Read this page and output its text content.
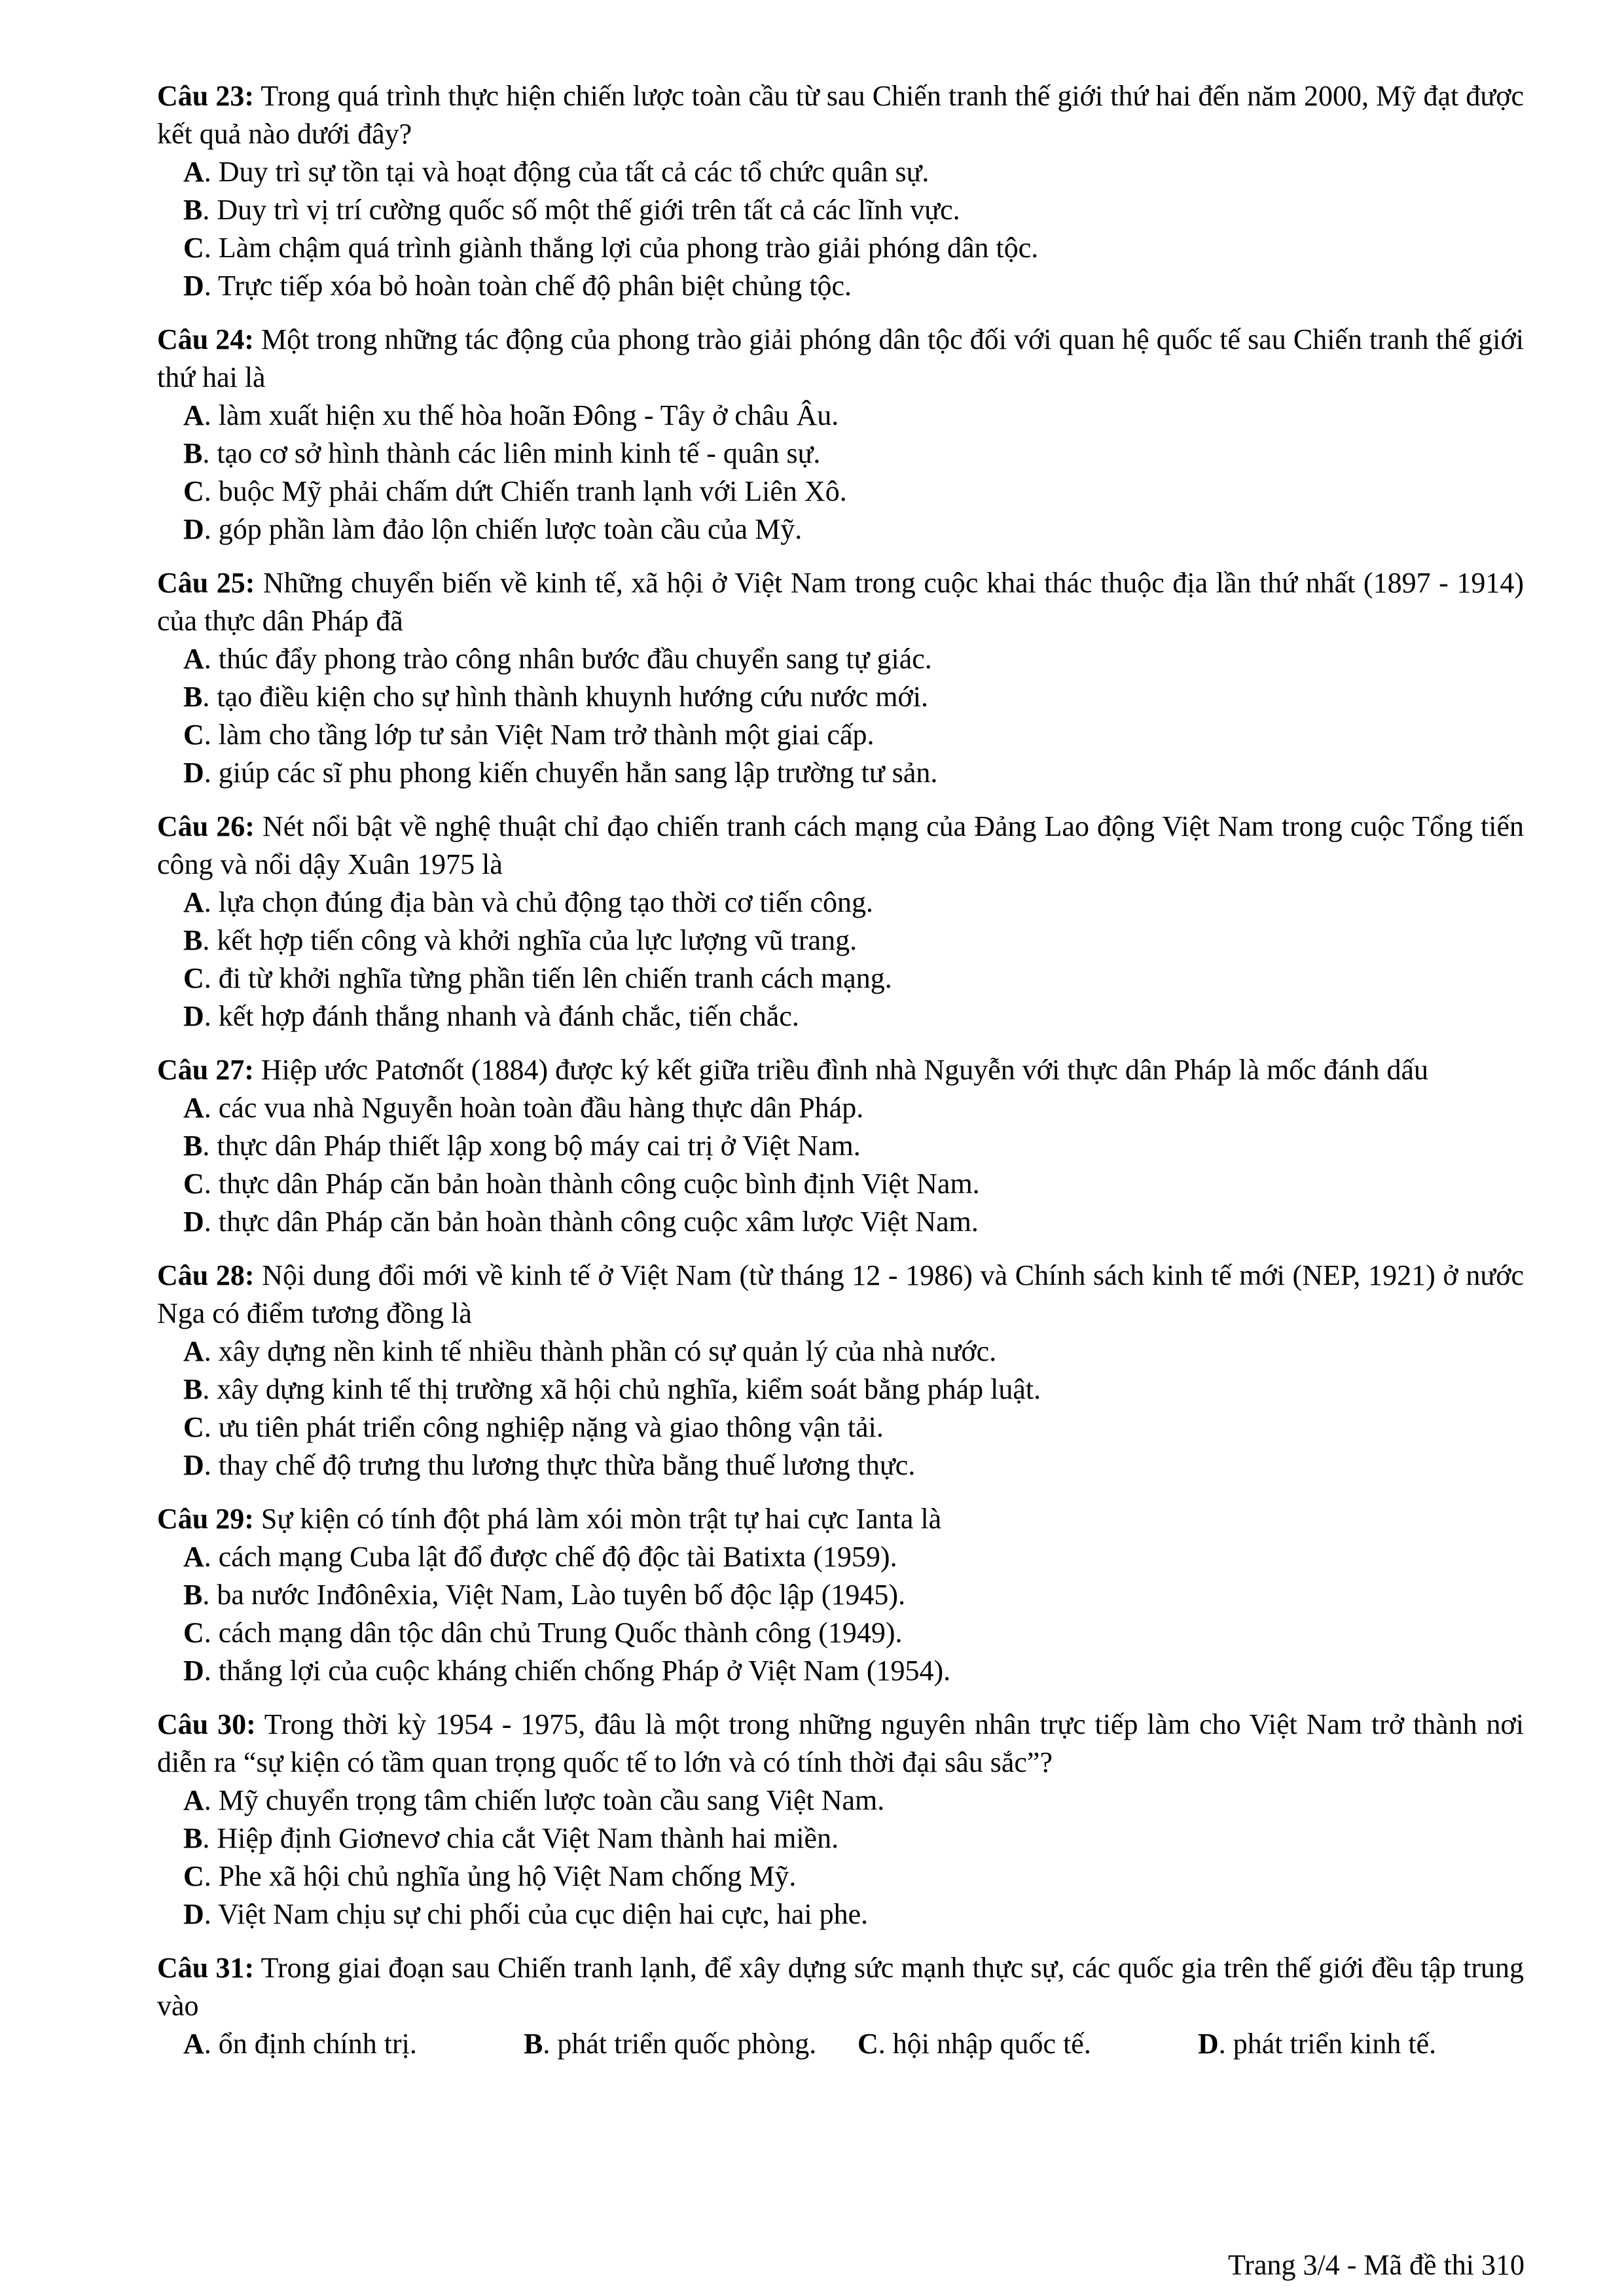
Câu 23: Trong quá trình thực hiện chiến lược toàn cầu từ sau Chiến tranh thế giới thứ hai đến năm 2000, Mỹ đạt được kết quả nào dưới đây?
A. Duy trì sự tồn tại và hoạt động của tất cả các tổ chức quân sự.
B. Duy trì vị trí cường quốc số một thế giới trên tất cả các lĩnh vực.
C. Làm chậm quá trình giành thắng lợi của phong trào giải phóng dân tộc.
D. Trực tiếp xóa bỏ hoàn toàn chế độ phân biệt chủng tộc.
Câu 24: Một trong những tác động của phong trào giải phóng dân tộc đối với quan hệ quốc tế sau Chiến tranh thế giới thứ hai là
A. làm xuất hiện xu thế hòa hoãn Đông - Tây ở châu Âu.
B. tạo cơ sở hình thành các liên minh kinh tế - quân sự.
C. buộc Mỹ phải chấm dứt Chiến tranh lạnh với Liên Xô.
D. góp phần làm đảo lộn chiến lược toàn cầu của Mỹ.
Câu 25: Những chuyển biến về kinh tế, xã hội ở Việt Nam trong cuộc khai thác thuộc địa lần thứ nhất (1897 - 1914) của thực dân Pháp đã
A. thúc đẩy phong trào công nhân bước đầu chuyển sang tự giác.
B. tạo điều kiện cho sự hình thành khuynh hướng cứu nước mới.
C. làm cho tầng lớp tư sản Việt Nam trở thành một giai cấp.
D. giúp các sĩ phu phong kiến chuyển hẳn sang lập trường tư sản.
Câu 26: Nét nổi bật về nghệ thuật chỉ đạo chiến tranh cách mạng của Đảng Lao động Việt Nam trong cuộc Tổng tiến công và nổi dậy Xuân 1975 là
A. lựa chọn đúng địa bàn và chủ động tạo thời cơ tiến công.
B. kết hợp tiến công và khởi nghĩa của lực lượng vũ trang.
C. đi từ khởi nghĩa từng phần tiến lên chiến tranh cách mạng.
D. kết hợp đánh thắng nhanh và đánh chắc, tiến chắc.
Câu 27: Hiệp ước Patơnốt (1884) được ký kết giữa triều đình nhà Nguyễn với thực dân Pháp là mốc đánh dấu
A. các vua nhà Nguyễn hoàn toàn đầu hàng thực dân Pháp.
B. thực dân Pháp thiết lập xong bộ máy cai trị ở Việt Nam.
C. thực dân Pháp căn bản hoàn thành công cuộc bình định Việt Nam.
D. thực dân Pháp căn bản hoàn thành công cuộc xâm lược Việt Nam.
Câu 28: Nội dung đổi mới về kinh tế ở Việt Nam (từ tháng 12 - 1986) và Chính sách kinh tế mới (NEP, 1921) ở nước Nga có điểm tương đồng là
A. xây dựng nền kinh tế nhiều thành phần có sự quản lý của nhà nước.
B. xây dựng kinh tế thị trường xã hội chủ nghĩa, kiểm soát bằng pháp luật.
C. ưu tiên phát triển công nghiệp nặng và giao thông vận tải.
D. thay chế độ trưng thu lương thực thừa bằng thuế lương thực.
Câu 29: Sự kiện có tính đột phá làm xói mòn trật tự hai cực Ianta là
A. cách mạng Cuba lật đổ được chế độ độc tài Batixta (1959).
B. ba nước Inđônêxia, Việt Nam, Lào tuyên bố độc lập (1945).
C. cách mạng dân tộc dân chủ Trung Quốc thành công (1949).
D. thắng lợi của cuộc kháng chiến chống Pháp ở Việt Nam (1954).
Câu 30: Trong thời kỳ 1954 - 1975, đâu là một trong những nguyên nhân trực tiếp làm cho Việt Nam trở thành nơi diễn ra “sự kiện có tầm quan trọng quốc tế to lớn và có tính thời đại sâu sắc”?
A. Mỹ chuyển trọng tâm chiến lược toàn cầu sang Việt Nam.
B. Hiệp định Giơnevơ chia cắt Việt Nam thành hai miền.
C. Phe xã hội chủ nghĩa ủng hộ Việt Nam chống Mỹ.
D. Việt Nam chịu sự chi phối của cục diện hai cực, hai phe.
Câu 31: Trong giai đoạn sau Chiến tranh lạnh, để xây dựng sức mạnh thực sự, các quốc gia trên thế giới đều tập trung vào
A. ổn định chính trị.	B. phát triển quốc phòng.	C. hội nhập quốc tế.	D. phát triển kinh tế.
Trang 3/4 - Mã đề thi 310
